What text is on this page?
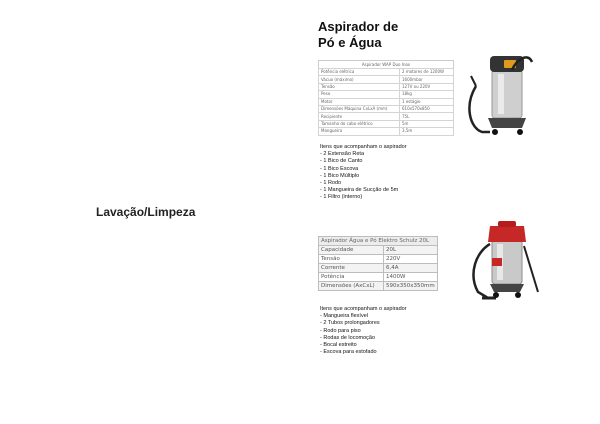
Lavação/Limpeza
Aspirador de
Pó e Água
Aspirador WAP Duo Inox
Potência elétrica	2 motores de 1200W
Vácuo (máximo)	1600mbar
Tensão	127V ou 220V
Peso	18kg
Motor	1 estágio
Dimensões Máquina CxLxA (mm)	610x570x850
Recipiente	75L
Tamanho do cabo elétrico	5m
Mangueira	3,5m
Itens que acompanham o aspirador
- 2 Extensão Reta
- 1 Bico de Canto
- 1 Bico Escova
- 1 Bico Múltiplo
- 1 Rodo
- 1 Mangueira de Sucção de 5m
- 1 Filtro (interno)
Aspirador Água e Pó Elektro Schulz 20L
Capacidade	20L
Tensão	220V
Corrente	6,4A
Potência	1400W
Dimensões (AxCxL)	590x350x350mm
Itens que acompanham o aspirador
- Mangueira flexível
- 2 Tubos prolongadores
- Rodo para piso
- Rodas de locomoção
- Bocal estreito
- Escova para estofado
